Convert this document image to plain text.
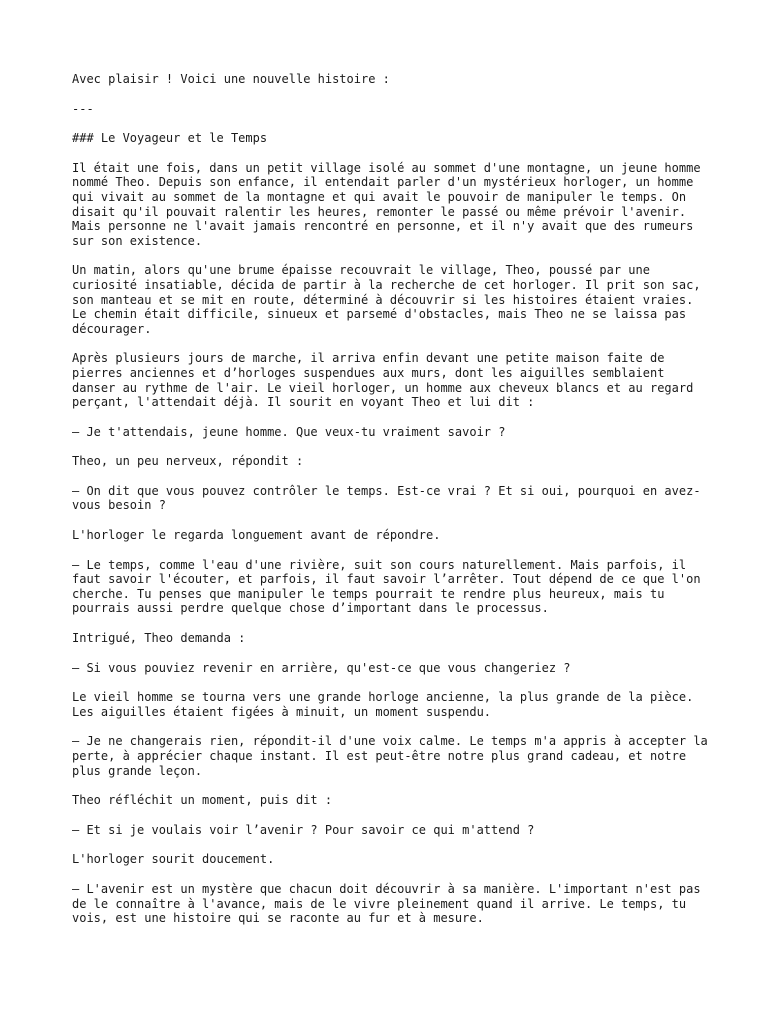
Avec plaisir ! Voici une nouvelle histoire :

---

### Le Voyageur et le Temps

Il était une fois, dans un petit village isolé au sommet d'une montagne, un jeune homme nommé Theo. Depuis son enfance, il entendait parler d'un mystérieux horloger, un homme qui vivait au sommet de la montagne et qui avait le pouvoir de manipuler le temps. On disait qu'il pouvait ralentir les heures, remonter le passé ou même prévoir l'avenir. Mais personne ne l'avait jamais rencontré en personne, et il n'y avait que des rumeurs sur son existence.

Un matin, alors qu'une brume épaisse recouvrait le village, Theo, poussé par une curiosité insatiable, décida de partir à la recherche de cet horloger. Il prit son sac, son manteau et se mit en route, déterminé à découvrir si les histoires étaient vraies. Le chemin était difficile, sinueux et parsemé d'obstacles, mais Theo ne se laissa pas décourager.

Après plusieurs jours de marche, il arriva enfin devant une petite maison faite de pierres anciennes et d’horloges suspendues aux murs, dont les aiguilles semblaient danser au rythme de l'air. Le vieil horloger, un homme aux cheveux blancs et au regard perçant, l'attendait déjà. Il sourit en voyant Theo et lui dit :

– Je t'attendais, jeune homme. Que veux-tu vraiment savoir ?

Theo, un peu nerveux, répondit :

– On dit que vous pouvez contrôler le temps. Est-ce vrai ? Et si oui, pourquoi en avez-vous besoin ?

L'horloger le regarda longuement avant de répondre.

– Le temps, comme l'eau d'une rivière, suit son cours naturellement. Mais parfois, il faut savoir l'écouter, et parfois, il faut savoir l’arrêter. Tout dépend de ce que l'on cherche. Tu penses que manipuler le temps pourrait te rendre plus heureux, mais tu pourrais aussi perdre quelque chose d’important dans le processus.

Intrigué, Theo demanda :

– Si vous pouviez revenir en arrière, qu'est-ce que vous changeriez ?

Le vieil homme se tourna vers une grande horloge ancienne, la plus grande de la pièce. Les aiguilles étaient figées à minuit, un moment suspendu.

– Je ne changerais rien, répondit-il d'une voix calme. Le temps m'a appris à accepter la perte, à apprécier chaque instant. Il est peut-être notre plus grand cadeau, et notre plus grande leçon.

Theo réfléchit un moment, puis dit :

– Et si je voulais voir l’avenir ? Pour savoir ce qui m'attend ?

L'horloger sourit doucement.

– L'avenir est un mystère que chacun doit découvrir à sa manière. L'important n'est pas de le connaître à l'avance, mais de le vivre pleinement quand il arrive. Le temps, tu vois, est une histoire qui se raconte au fur et à mesure.
